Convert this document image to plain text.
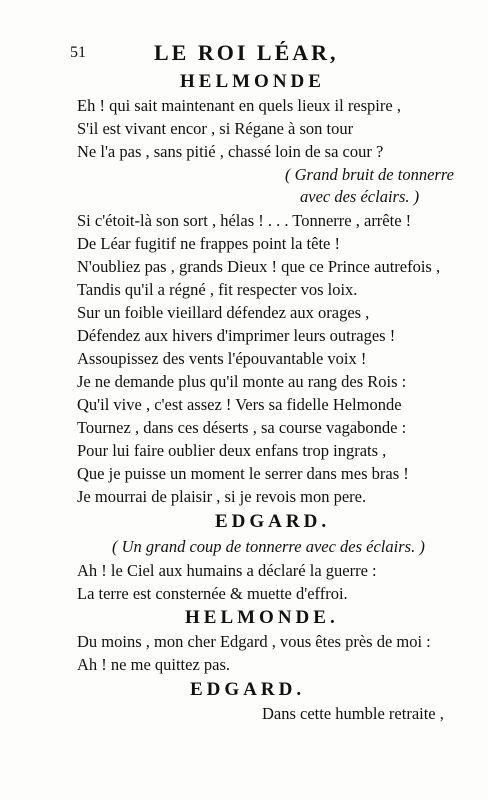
51	LE ROI LÉAR,
HELMONDE
Eh ! qui sait maintenant en quels lieux il respire ,
S'il est vivant encor , si Régane à son tour
Ne l'a pas , sans pitié , chassé loin de sa cour ?
( Grand bruit de tonnerre
avec des éclairs. )
Si c'étoit-là son sort , hélas ! . . . Tonnerre , arrête !
De Léar fugitif ne frappes point la tête !
N'oubliez pas , grands Dieux ! que ce Prince autrefois ,
Tandis qu'il a régné , fit respecter vos loix.
Sur un foible vieillard défendez aux orages ,
Défendez aux hivers d'imprimer leurs outrages !
Assoupissez des vents l'épouvantable voix !
Je ne demande plus qu'il monte au rang des Rois :
Qu'il vive , c'est assez ! Vers sa fidelle Helmonde
Tournez , dans ces déserts , sa course vagabonde :
Pour lui faire oublier deux enfans trop ingrats ,
Que je puisse un moment le serrer dans mes bras !
Je mourrai de plaisir , si je revois mon pere.
EDGARD.
( Un grand coup de tonnerre avec des éclairs. )
Ah ! le Ciel aux humains a déclaré la guerre :
La terre est consternée & muette d'effroi.
HELMONDE.
Du moins , mon cher Edgard , vous êtes près de moi :
Ah ! ne me quittez pas.
EDGARD.
Dans cette humble retraite ,
